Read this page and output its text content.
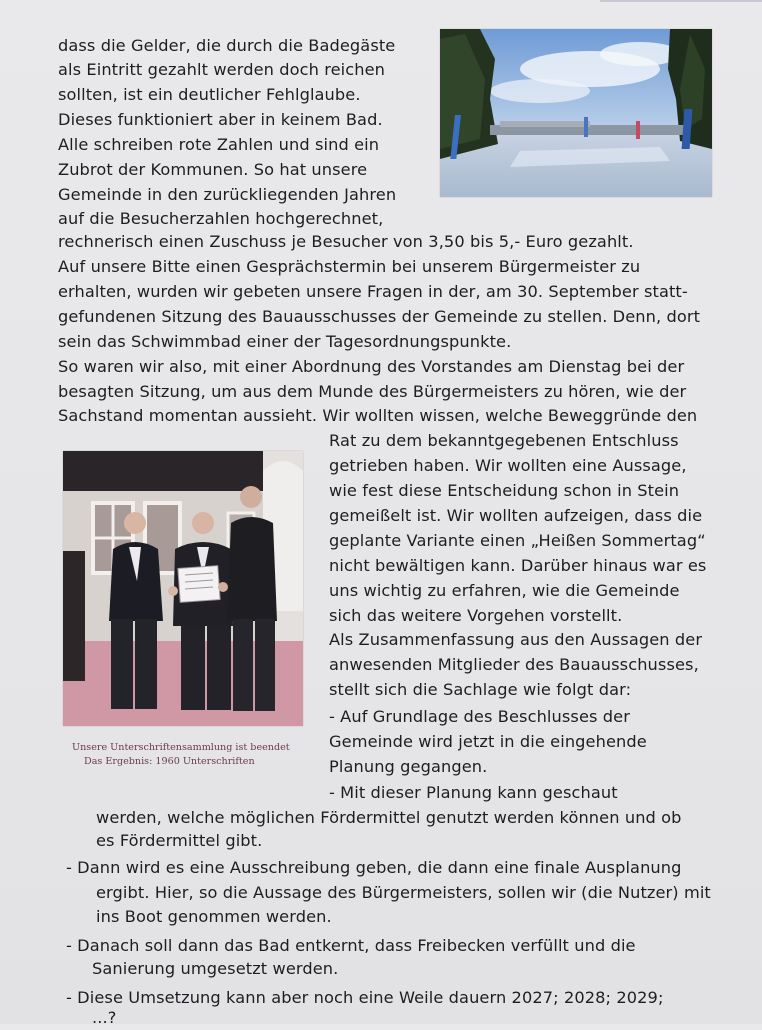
Unsere Unterschriftensammlung ist beendet
Das Ergebnis: 1960 Unterschriften
dass die Gelder, die durch die Badegäste
als Eintritt gezahlt werden doch reichen
sollten, ist ein deutlicher Fehlglaube.
Dieses funktioniert aber in keinem Bad.
Alle schreiben rote Zahlen und sind ein
Zubrot der Kommunen. So hat unsere
Gemeinde in den zurückliegenden Jahren
auf die Besucherzahlen hochgerechnet,
rechnerisch einen Zuschuss je Besucher von 3,50 bis 5,- Euro gezahlt.
Auf unsere Bitte einen Gesprächstermin bei unserem Bürgermeister zu
erhalten, wurden wir gebeten unsere Fragen in der, am 30. September statt-
gefundenen Sitzung des Bauausschusses der Gemeinde zu stellen. Denn, dort
sein das Schwimmbad einer der Tagesordnungspunkte.
So waren wir also, mit einer Abordnung des Vorstandes am Dienstag bei der
besagten Sitzung, um aus dem Munde des Bürgermeisters zu hören, wie der
Sachstand momentan aussieht. Wir wollten wissen, welche Beweggründe den
Rat zu dem bekanntgegebenen Entschluss
getrieben haben. Wir wollten eine Aussage,
wie fest diese Entscheidung schon in Stein
gemeißelt ist. Wir wollten aufzeigen, dass die
geplante Variante einen „Heißen Sommertag“
nicht bewältigen kann. Darüber hinaus war es
uns wichtig zu erfahren, wie die Gemeinde
sich das weitere Vorgehen vorstellt.
Als Zusammenfassung aus den Aussagen der
anwesenden Mitglieder des Bauausschusses,
stellt sich die Sachlage wie folgt dar:
- Auf Grundlage des Beschlusses der
Gemeinde wird jetzt in die eingehende
Planung gegangen.
- Mit dieser Planung kann geschaut
werden, welche möglichen Fördermittel genutzt werden können und ob
es Fördermittel gibt.
- Dann wird es eine Ausschreibung geben, die dann eine finale Ausplanung
ergibt. Hier, so die Aussage des Bürgermeisters, sollen wir (die Nutzer) mit
ins Boot genommen werden.
- Danach soll dann das Bad entkernt, dass Freibecken verfüllt und die
Sanierung umgesetzt werden.
- Diese Umsetzung kann aber noch eine Weile dauern 2027; 2028; 2029;
...?
